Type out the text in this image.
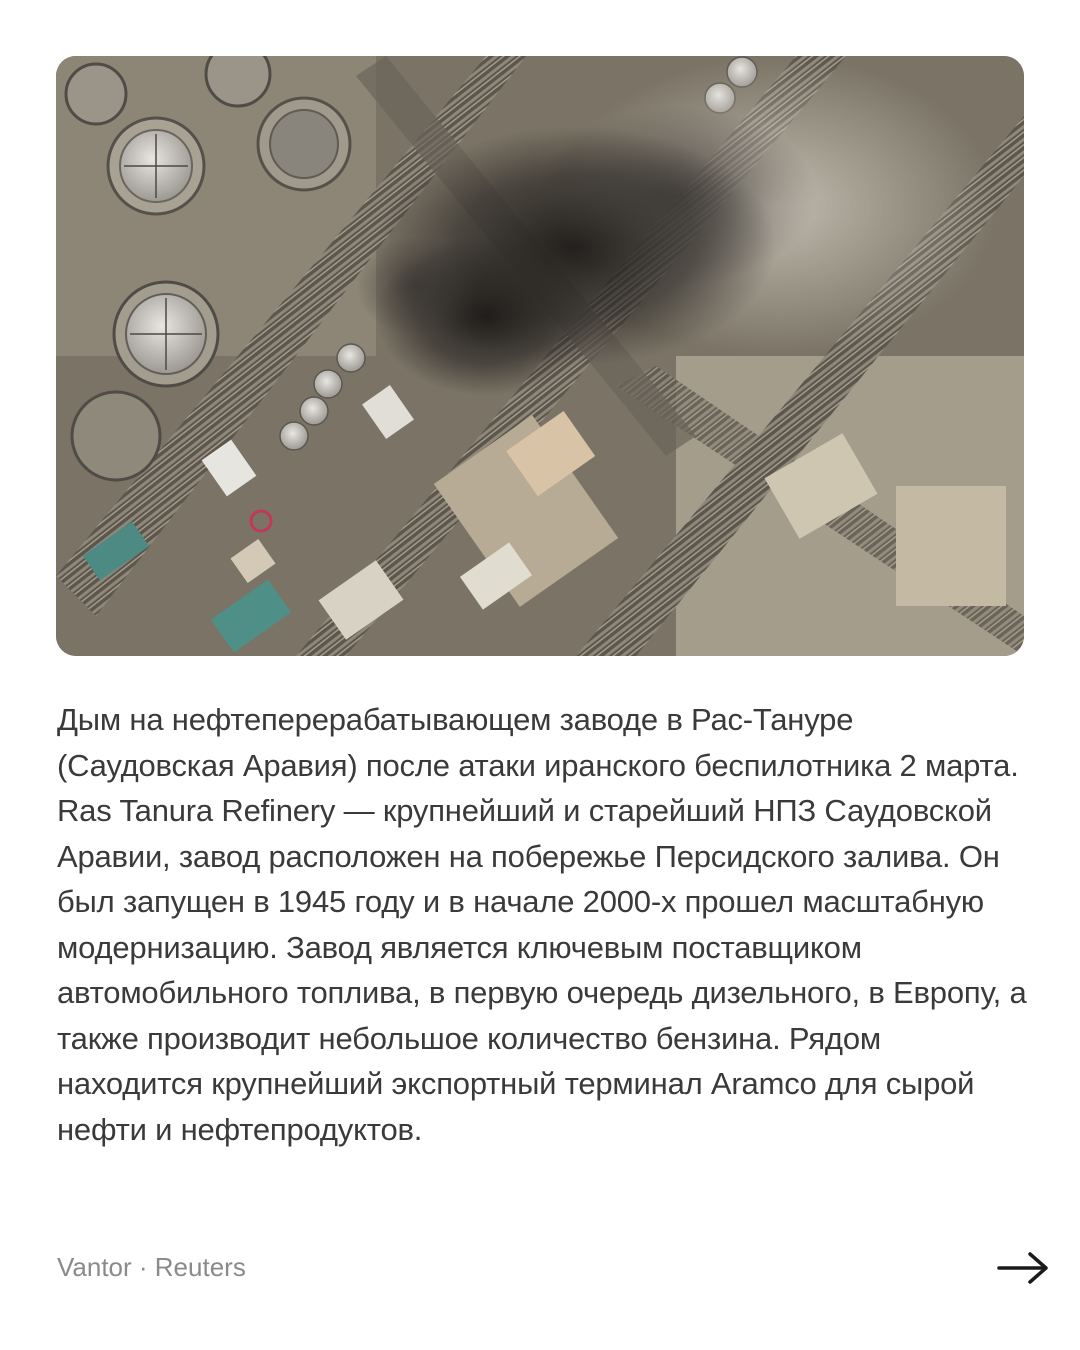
Дым на нефтеперерабатывающем заводе в Рас-Тануре (Саудовская Аравия) после атаки иранского беспилотника 2 марта. Ras Tanura Refinery — крупнейший и старейший НПЗ Саудовской Аравии, завод расположен на побережье Персидского залива. Он был запущен в 1945 году и в начале 2000-х прошел масштабную модернизацию. Завод является ключевым поставщиком автомобильного топлива, в первую очередь дизельного, в Европу, а также производит небольшое количество бензина. Рядом находится крупнейший экспортный терминал Aramco для сырой нефти и нефтепродуктов.

Vantor · Reuters
